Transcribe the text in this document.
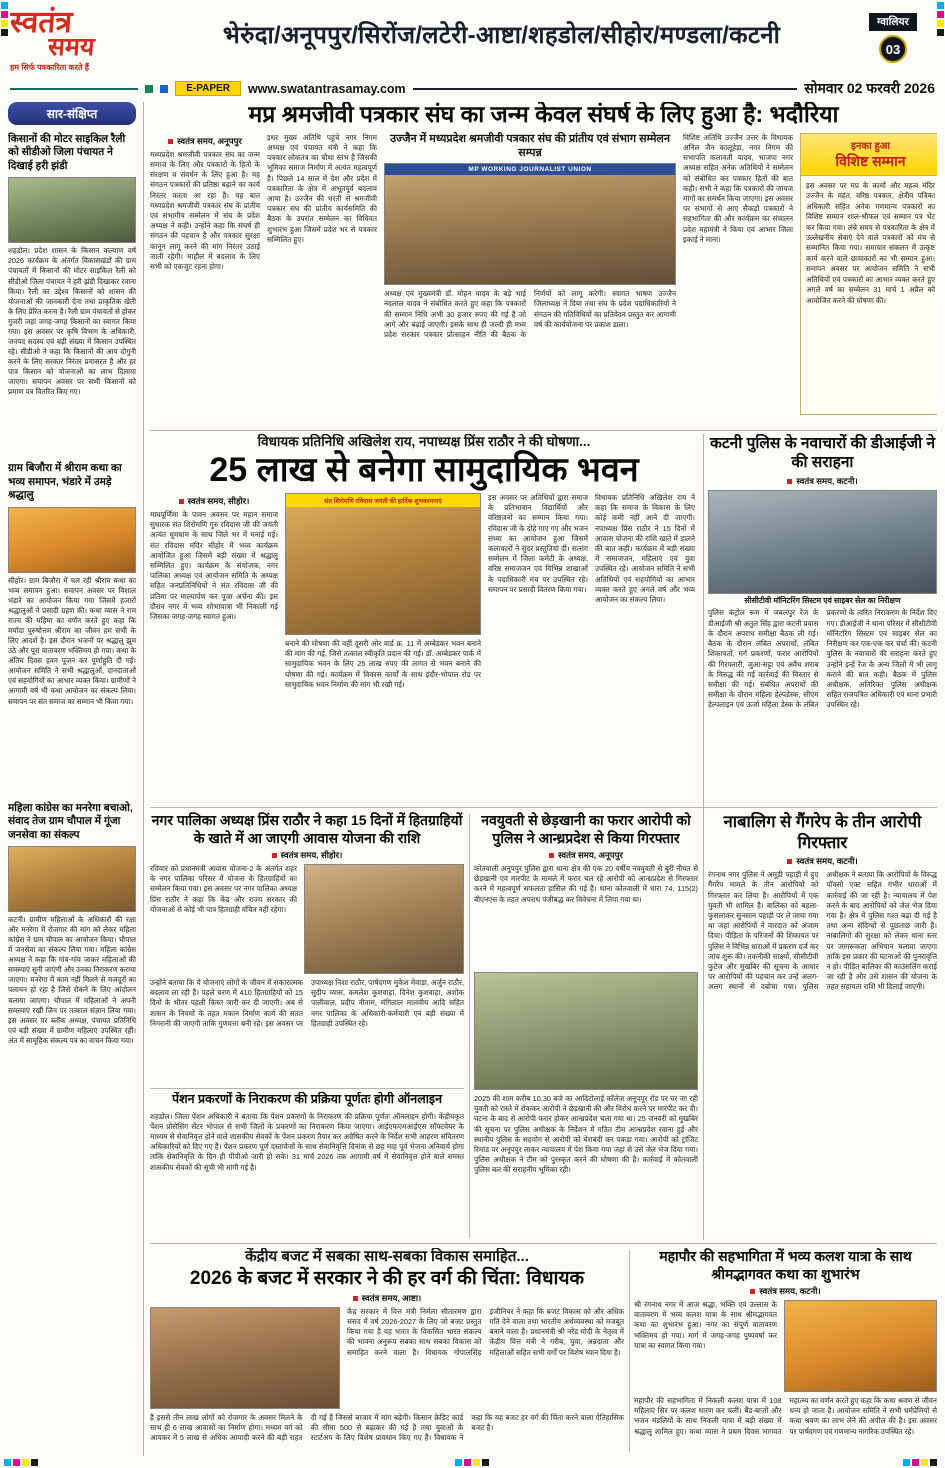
स्वतंत्र
समय
हम सिर्फ पत्रकारिता करते हैं
भेरुंदा/अनूपपुर/सिरोंज/लटेरी-आष्टा/शहडोल/सीहोर/मण्डला/कटनी	ग्वालियर
03
E-PAPER	www.swatantrasamay.com	सोमवार 02 फरवरी 2026
सार-संक्षिप्त
किसानों की मोटर साइकिल रैली को सीडीओ जिला पंचायत ने दिखाई हरी झंडी
शहडोल। प्रदेश शासन के किसान कल्याण वर्ष 2026 कार्यक्रम के अंतर्गत विकासखंडों की ग्राम पंचायतों में किसानों की मोटर साइकिल रैली को सीडीओ जिला पंचायत ने हरी झंडी दिखाकर रवाना किया। रैली का उद्देश्य किसानों को शासन की योजनाओं की जानकारी देना तथा प्राकृतिक खेती के लिए प्रेरित करना है। रैली ग्राम पंचायतों से होकर गुजरी जहां जगह-जगह किसानों का स्वागत किया गया। इस अवसर पर कृषि विभाग के अधिकारी, जनपद सदस्य एवं बड़ी संख्या में किसान उपस्थित रहे। सीडीओ ने कहा कि किसानों की आय दोगुनी करने के लिए सरकार निरंतर प्रयासरत है और हर पात्र किसान को योजनाओं का लाभ दिलाया जाएगा। समापन अवसर पर सभी किसानों को प्रमाण पत्र वितरित किए गए।
ग्राम बिजौरा में श्रीराम कथा का भव्य समापन, भंडारे में उमड़े श्रद्धालु
सीहोर। ग्राम बिजौरा में चल रही श्रीराम कथा का भव्य समापन हुआ। समापन अवसर पर विशाल भंडारे का आयोजन किया गया जिसमें हजारों श्रद्धालुओं ने प्रसादी ग्रहण की। कथा व्यास ने राम राज्य की महिमा का वर्णन करते हुए कहा कि मर्यादा पुरुषोत्तम श्रीराम का जीवन हम सभी के लिए आदर्श है। इस दौरान भजनों पर श्रद्धालु झूम उठे और पूरा वातावरण भक्तिमय हो गया। कथा के अंतिम दिवस हवन पूजन कर पूर्णाहुति दी गई। आयोजन समिति ने सभी श्रद्धालुओं, दानदाताओं एवं सहयोगियों का आभार व्यक्त किया। ग्रामीणों ने आगामी वर्ष भी कथा आयोजन का संकल्प लिया। समापन पर संत समाज का सम्मान भी किया गया।
महिला कांग्रेस का मनरेगा बचाओ, संवाद तेज ग्राम चौपाल में गूंजा जनसेवा का संकल्प
कटनी। ग्रामीण महिलाओं के अधिकारों की रक्षा और मनरेगा में रोजगार की मांग को लेकर महिला कांग्रेस ने ग्राम चौपाल का आयोजन किया। चौपाल में जनसेवा का संकल्प लिया गया। महिला कांग्रेस अध्यक्ष ने कहा कि गांव-गांव जाकर महिलाओं की समस्याएं सुनी जाएंगी और उनका निराकरण कराया जाएगा। मनरेगा में काम नहीं मिलने से मजदूरों का पलायन हो रहा है जिसे रोकने के लिए आंदोलन चलाया जाएगा। चौपाल में महिलाओं ने अपनी समस्याएं रखीं जिन पर तत्काल संज्ञान लिया गया। इस अवसर पर ब्लॉक अध्यक्ष, पंचायत प्रतिनिधि एवं बड़ी संख्या में ग्रामीण महिलाएं उपस्थित रहीं। अंत में सामूहिक संकल्प पत्र का वाचन किया गया।
मप्र श्रमजीवी पत्रकार संघ का जन्म केवल संघर्ष के लिए हुआ है: भदौरिया
स्वतंत्र समय, अनूपपुर
मध्यप्रदेश श्रमजीवी पत्रकार संघ का जन्म समाज के लिए और पत्रकारों के हितों के संरक्षण व संवर्धन के लिए हुआ है। यह संगठन पत्रकारों की प्रतिष्ठा बढ़ाने का कार्य निरंतर करता आ रहा है। यह बात मध्यप्रदेश श्रमजीवी पत्रकार संघ के प्रांतीय एवं संभागीय सम्मेलन में संघ के प्रदेश अध्यक्ष ने कही। उन्होंने कहा कि संघर्ष ही संगठन की पहचान है और पत्रकार सुरक्षा कानून लागू करने की मांग निरंतर उठाई जाती रहेगी। माहौल में बदलाव के लिए सभी को एकजुट रहना होगा।
इधर मुख्य अतिथि पहुंचे नगर निगम अध्यक्ष एवं पंचायत मंत्री ने कहा कि पत्रकार लोकतंत्र का चौथा स्तंभ है जिसकी भूमिका समाज निर्माण में अत्यंत महत्वपूर्ण है। पिछले 14 साल में देश और प्रदेश में पत्रकारिता के क्षेत्र में अभूतपूर्व बदलाव आया है। उज्जैन की धरती से श्रमजीवी पत्रकार संघ की प्रांतीय कार्यसमिति की बैठक के उपरांत सम्मेलन का विधिवत शुभारंभ हुआ जिसमें प्रदेश भर से पत्रकार सम्मिलित हुए।
उज्जैन में मध्यप्रदेश श्रमजीवी पत्रकार संघ की प्रांतीय एवं संभाग सम्मेलन सम्पन्न
MP WORKING JOURNALIST UNION
अध्यक्ष एवं मुख्यमंत्री डॉ. मोहन यादव के बड़े भाई नंदलाल यादव ने संबोधित करते हुए कहा कि पत्रकारों की सम्मान निधि अभी 30 हजार रुपए की गई है जो आगे और बढ़ाई जाएगी। इसके साथ ही जल्दी ही मध्य प्रदेश सरकार पत्रकार प्रोत्साहन नीति की बैठक के निर्णयों को लागू करेगी। स्वागत भाषण उज्जैन जिलाध्यक्ष ने दिया तथा संघ के प्रदेश पदाधिकारियों ने संगठन की गतिविधियों का प्रतिवेदन प्रस्तुत कर आगामी वर्ष की कार्ययोजना पर प्रकाश डाला।
विशिष्ट अतिथि उज्जैन उत्तर के विधायक अनिल जैन कालूहेड़ा, नगर निगम की सभापति कलावती यादव, भाजपा नगर अध्यक्ष सहित अनेक अतिथियों ने सम्मेलन को संबोधित कर पत्रकार हितों की बात कही। सभी ने कहा कि पत्रकारों की जायज मांगों का समर्थन किया जाएगा। इस अवसर पर संभागों से आए सैकड़ों पत्रकारों ने सहभागिता की और कार्यक्रम का संचालन प्रदेश महामंत्री ने किया एवं आभार जिला इकाई ने माना।
इनका हुआ
विशिष्ट सम्मान
इस अवसर पर मप्र के कामों और महत्व मंदिर उज्जैन के महंत, वरिष्ठ पत्रकार, क्षेत्रीय पत्रिका अधिकारी सहित अनेक गणमान्य पत्रकारों का विशिष्ट सम्मान शाल-श्रीफल एवं सम्मान पत्र भेंट कर किया गया। लंबे समय से पत्रकारिता के क्षेत्र में उल्लेखनीय सेवाएं देने वाले पत्रकारों को मंच से सम्मानित किया गया। समाचार संकलन में उत्कृष्ट कार्य करने वाले छायाकारों का भी सम्मान हुआ। समापन अवसर पर आयोजन समिति ने सभी अतिथियों एवं पत्रकारों का आभार व्यक्त करते हुए अगले वर्ष का सम्मेलन 31 मार्च 1 अप्रैल को आयोजित करने की घोषणा की।
विधायक प्रतिनिधि अखिलेश राय, नपाध्यक्ष प्रिंस राठौर ने की घोषणा...
25 लाख से बनेगा सामुदायिक भवन
स्वतंत्र समय, सीहोर।
माघपूर्णिमा के पावन अवसर पर महान समाज सुधारक संत शिरोमणि गुरु रविदास जी की जयंती अत्यंत धूमधाम के साथ जिले भर में मनाई गई। संत रविदास मंदिर सीहोर में भव्य कार्यक्रम आयोजित हुआ जिसमें बड़ी संख्या में श्रद्धालु सम्मिलित हुए। कार्यक्रम के संयोजक, नगर पालिका अध्यक्ष एवं आयोजन समिति के अध्यक्ष सहित जनप्रतिनिधियों ने संत रविदास जी की प्रतिमा पर माल्यार्पण कर पूजा अर्चना की। इस दौरान नगर में भव्य शोभायात्रा भी निकाली गई जिसका जगह-जगह स्वागत हुआ।
संत शिरोमणि रविदास जयंती की हार्दिक शुभकामनाएं
बनाने की घोषणा की वहीं दूसरी ओर वार्ड क्र. 11 में अम्बेडकर भवन बनाने की मांग की गई, जिसे तत्काल स्वीकृति प्रदान की गई। डॉ. अम्बेडकर पार्क में सामुदायिक भवन के लिए 25 लाख रुपए की लागत से भवन बनाने की घोषणा की गई। कार्यक्रम में विकास कार्यों के साथ इंदौर-भोपाल रोड पर सामुदायिक भवन निर्माण की मांग भी रखी गई।
इस अवसर पर अतिथियों द्वारा समाज के प्रतिभावान विद्यार्थियों और वरिष्ठजनों का सम्मान किया गया। रविदास जी के दोहे गाए गए और भजन संध्या का आयोजन हुआ जिसमें कलाकारों ने सुंदर प्रस्तुतियां दीं। सत्संग सम्मेलन में जिला कमेटी के अध्यक्ष, वरिष्ठ समाजजन एवं विभिन्न शाखाओं के पदाधिकारी मंच पर उपस्थित रहे। समापन पर प्रसादी वितरण किया गया।
विधायक प्रतिनिधि अखिलेश राय ने कहा कि समाज के विकास के लिए कोई कमी नहीं आने दी जाएगी। नपाध्यक्ष प्रिंस राठौर ने 15 दिनों में आवास योजना की राशि खाते में डालने की बात कही। कार्यक्रम में बड़ी संख्या में समाजजन, महिलाएं एवं युवा उपस्थित रहे। आयोजन समिति ने सभी अतिथियों एवं सहयोगियों का आभार व्यक्त करते हुए अगले वर्ष और भव्य आयोजन का संकल्प लिया।
कटनी पुलिस के नवाचारों की डीआईजी ने की सराहना
स्वतंत्र समय, कटनी।
सीसीटीवी मॉनिटरिंग सिस्टम एवं साइबर सेल का निरीक्षण
पुलिस कंट्रोल रूम में जबलपुर रेंज के डीआईजी श्री अतुल सिंह द्वारा कटनी प्रवास के दौरान अपराध समीक्षा बैठक ली गई। बैठक के दौरान लंबित अपराधों, लंबित शिकायतों, मर्ग प्रकरणों, फरार आरोपियों की गिरफ्तारी, जुआ-सट्टा एवं अवैध शराब के विरुद्ध की गई कार्रवाई की विस्तार से समीक्षा की गई। संबंधित अपराधों की समीक्षा के दौरान महिला हेल्पडेस्क, सीएम हेल्पलाइन एवं ऊर्जा महिला डेस्क के लंबित प्रकरणों के त्वरित निराकरण के निर्देश दिए गए। डीआईजी ने थाना परिसर में सीसीटीवी मॉनिटरिंग सिस्टम एवं साइबर सेल का निरीक्षण कर एक-एक कर चर्चा की। कटनी पुलिस के नवाचारों की सराहना करते हुए उन्होंने इन्हें रेंज के अन्य जिलों में भी लागू कराने की बात कही। बैठक में पुलिस अधीक्षक, अतिरिक्त पुलिस अधीक्षक सहित राजपत्रित अधिकारी एवं थाना प्रभारी उपस्थित रहे।
नगर पालिका अध्यक्ष प्रिंस राठौर ने कहा 15 दिनों में हितग्राहियों के खाते में आ जाएगी आवास योजना की राशि
स्वतंत्र समय, सीहोर।
रविवार को प्रधानमंत्री आवास योजना-2 के अंतर्गत शहर के नगर पालिका परिसर में योजना के हितग्राहियों का सम्मेलन किया गया। इस अवसर पर नगर पालिका अध्यक्ष प्रिंस राठौर ने कहा कि केंद्र और राज्य सरकार की योजनाओं से कोई भी पात्र हितग्राही वंचित नहीं रहेगा।
उन्होंने बताया कि ये योजनाएं लोगों के जीवन में सकारात्मक बदलाव ला रही हैं। पहले चरण में 410 हितग्राहियों को 15 दिनों के भीतर पहली किस्त जारी कर दी जाएगी। अब से शासन के नियमों के तहत मकान निर्माण कार्य की सतत निगरानी की जाएगी ताकि गुणवत्ता बनी रहे। इस अवसर पर उपाध्यक्ष निशा राठौर, पार्षदगण मुकेश मेवाड़ा, अर्जुन राठौर, सुदीप व्यास, कमलेश कुशवाहा, दिनेश कुशवाहा, अशोक पालीवाल, प्रदीप नीताम, मंगिलाल मालवीय आदि सहित नगर पालिका के अधिकारी-कर्मचारी एवं बड़ी संख्या में हितग्राही उपस्थित रहे।
पेंशन प्रकरणों के निराकरण की प्रक्रिया पूर्णतः होगी ऑनलाइन
शहडोल। जिला पेंशन अधिकारी ने बताया कि पेंशन प्रकरणों के निराकरण की प्रक्रिया पूर्णतः ऑनलाइन होगी। केंद्रीयकृत पेंशन प्रोसेसिंग सेंटर भोपाल से सभी जिलों के प्रकरणों का निराकरण किया जाएगा। आईएफएमआईएस सॉफ्टवेयर के माध्यम से सेवानिवृत्त होने वाले शासकीय सेवकों के पेंशन प्रकरण तैयार कर अग्रेषित करने के निर्देश सभी आहरण संवितरण अधिकारियों को दिए गए हैं। पेंशन प्रकरण पूर्ण दस्तावेजों के साथ सेवानिवृत्ति दिनांक से छह माह पूर्व भेजना अनिवार्य होगा ताकि सेवानिवृत्ति के दिन ही पीपीओ जारी हो सके। 31 मार्च 2026 तक आगामी वर्ष में सेवानिवृत्त होने वाले समस्त शासकीय सेवकों की सूची भी मांगी गई है।
नवयुवती से छेड़खानी का फरार आरोपी को पुलिस ने आन्ध्रप्रदेश से किया गिरफ्तार
स्वतंत्र समय, अनूपपुर
कोतवाली अनूपपुर पुलिस द्वारा थाना क्षेत्र की एक 20 वर्षीय नवयुवती से बुरी नीयत से छेड़खानी एवं मारपीट के मामले में फरार चल रहे आरोपी को आन्ध्रप्रदेश से गिरफ्तार करने में महत्वपूर्ण सफलता हासिल की गई है। थाना कोतवाली में धारा 74, 115(2) बीएनएस के तहत अपराध पंजीबद्ध कर विवेचना में लिया गया था।
2025 की शाम करीब 10.30 बजे का आदिटोलाई कॉलेज अनूपपुर रोड पर घर जा रही युवती को रास्ते में रोककर आरोपी ने छेड़खानी की और विरोध करने पर मारपीट कर दी। घटना के बाद से आरोपी फरार होकर आन्ध्रप्रदेश चला गया था। 25 जनवरी को मुखबिर की सूचना पर पुलिस अधीक्षक के निर्देशन में गठित टीम आन्ध्रप्रदेश रवाना हुई और स्थानीय पुलिस के सहयोग से आरोपी को घेराबंदी कर पकड़ा गया। आरोपी को ट्रांजिट रिमांड पर अनूपपुर लाकर न्यायालय में पेश किया गया जहां से उसे जेल भेज दिया गया। पुलिस अधीक्षक ने टीम को पुरस्कृत करने की घोषणा की है। कार्रवाई में कोतवाली पुलिस बल की सराहनीय भूमिका रही।
नाबालिग से गैंगरेप के तीन आरोपी गिरफ्तार
स्वतंत्र समय, कटनी।
रंगनाथ नगर पुलिस ने अमूड़ी पहाड़ी में हुए गैंगरेप मामले के तीन आरोपियों को गिरफ्तार कर लिया है। आरोपियों में एक युवती भी शामिल है। बालिका को बहला-फुसलाकर सुनसान पहाड़ी पर ले जाया गया था जहां आरोपियों ने वारदात को अंजाम दिया। पीड़िता के परिजनों की शिकायत पर पुलिस ने विभिन्न धाराओं में प्रकरण दर्ज कर जांच शुरू की। तकनीकी साक्ष्यों, सीसीटीवी फुटेज और मुखबिर की सूचना के आधार पर आरोपियों की पहचान कर उन्हें अलग-अलग स्थानों से दबोचा गया। पुलिस अधीक्षक ने बताया कि आरोपियों के विरुद्ध पॉक्सो एक्ट सहित गंभीर धाराओं में कार्रवाई की जा रही है। न्यायालय में पेश करने के बाद आरोपियों को जेल भेज दिया गया है। क्षेत्र में पुलिस गश्त बढ़ा दी गई है तथा अन्य संदिग्धों से पूछताछ जारी है। नाबालिगों की सुरक्षा को लेकर थाना स्तर पर जागरूकता अभियान चलाया जाएगा ताकि इस प्रकार की घटनाओं की पुनरावृत्ति न हो। पीड़ित बालिका की काउंसलिंग कराई जा रही है और उसे शासन की योजना के तहत सहायता राशि भी दिलाई जाएगी।
केंद्रीय बजट में सबका साथ-सबका विकास समाहित...
2026 के बजट में सरकार ने की हर वर्ग की चिंता: विधायक
स्वतंत्र समय, आष्टा।
केंद्र सरकार में वित्त मंत्री निर्मला सीतारमण द्वारा संसद में वर्ष 2026-2027 के लिए जो बजट प्रस्तुत किया गया है वह भारत के विकसित भारत संकल्प की भावना अनुरूप सबका साथ सबका विकास को समाहित करने वाला है। विधायक गोपालसिंह इंजीनियर ने कहा कि बजट विकास को और अधिक गति देने वाला तथा भारतीय अर्थव्यवस्था को मजबूत बनाने वाला है। प्रधानमंत्री श्री नरेंद्र मोदी के नेतृत्व में केंद्रीय वित्त मंत्री ने गरीब, युवा, अन्नदाता और महिलाओं सहित सभी वर्गों पर विशेष ध्यान दिया है।
है इससे तीन लाख लोगों को रोजगार के अवसर मिलने के साथ ही 6 लाख आवासों का निर्माण होगा। मध्यम वर्ग को आयकर में 5 लाख से अधिक आयादी करने की बड़ी राहत दी गई है जिससे बाजार में मांग बढ़ेगी। किसान क्रेडिट कार्ड की सीमा 500 से बढ़ाकर की गई है तथा युवाओं के स्टार्टअप के लिए विशेष प्रावधान किए गए हैं। विधायक ने कहा कि यह बजट हर वर्ग की चिंता करने वाला ऐतिहासिक बजट है।
महापौर की सहभागिता में भव्य कलश यात्रा के साथ श्रीमद्भागवत कथा का शुभारंभ
स्वतंत्र समय, कटनी।
श्री रंगनाथ नगर में आज श्रद्धा, भक्ति एवं उल्लास के वातावरण में भव्य कलश यात्रा के साथ श्रीमद्भागवत कथा का शुभारंभ हुआ। नगर का संपूर्ण वातावरण भक्तिमय हो गया। मार्ग में जगह-जगह पुष्पवर्षा कर यात्रा का स्वागत किया गया।
महापौर की सहभागिता में निकली कलश यात्रा में 108 महिलाएं सिर पर कलश धारण कर चलीं। बैंड-बाजों और भजन मंडलियों के साथ निकली यात्रा में बड़ी संख्या में श्रद्धालु शामिल हुए। कथा व्यास ने प्रथम दिवस भागवत महात्म्य का वर्णन करते हुए कहा कि कथा श्रवण से जीवन धन्य हो जाता है। आयोजन समिति ने सभी धर्मप्रेमियों से कथा श्रवण का लाभ लेने की अपील की है। इस अवसर पर पार्षदगण एवं गणमान्य नागरिक उपस्थित रहे।
